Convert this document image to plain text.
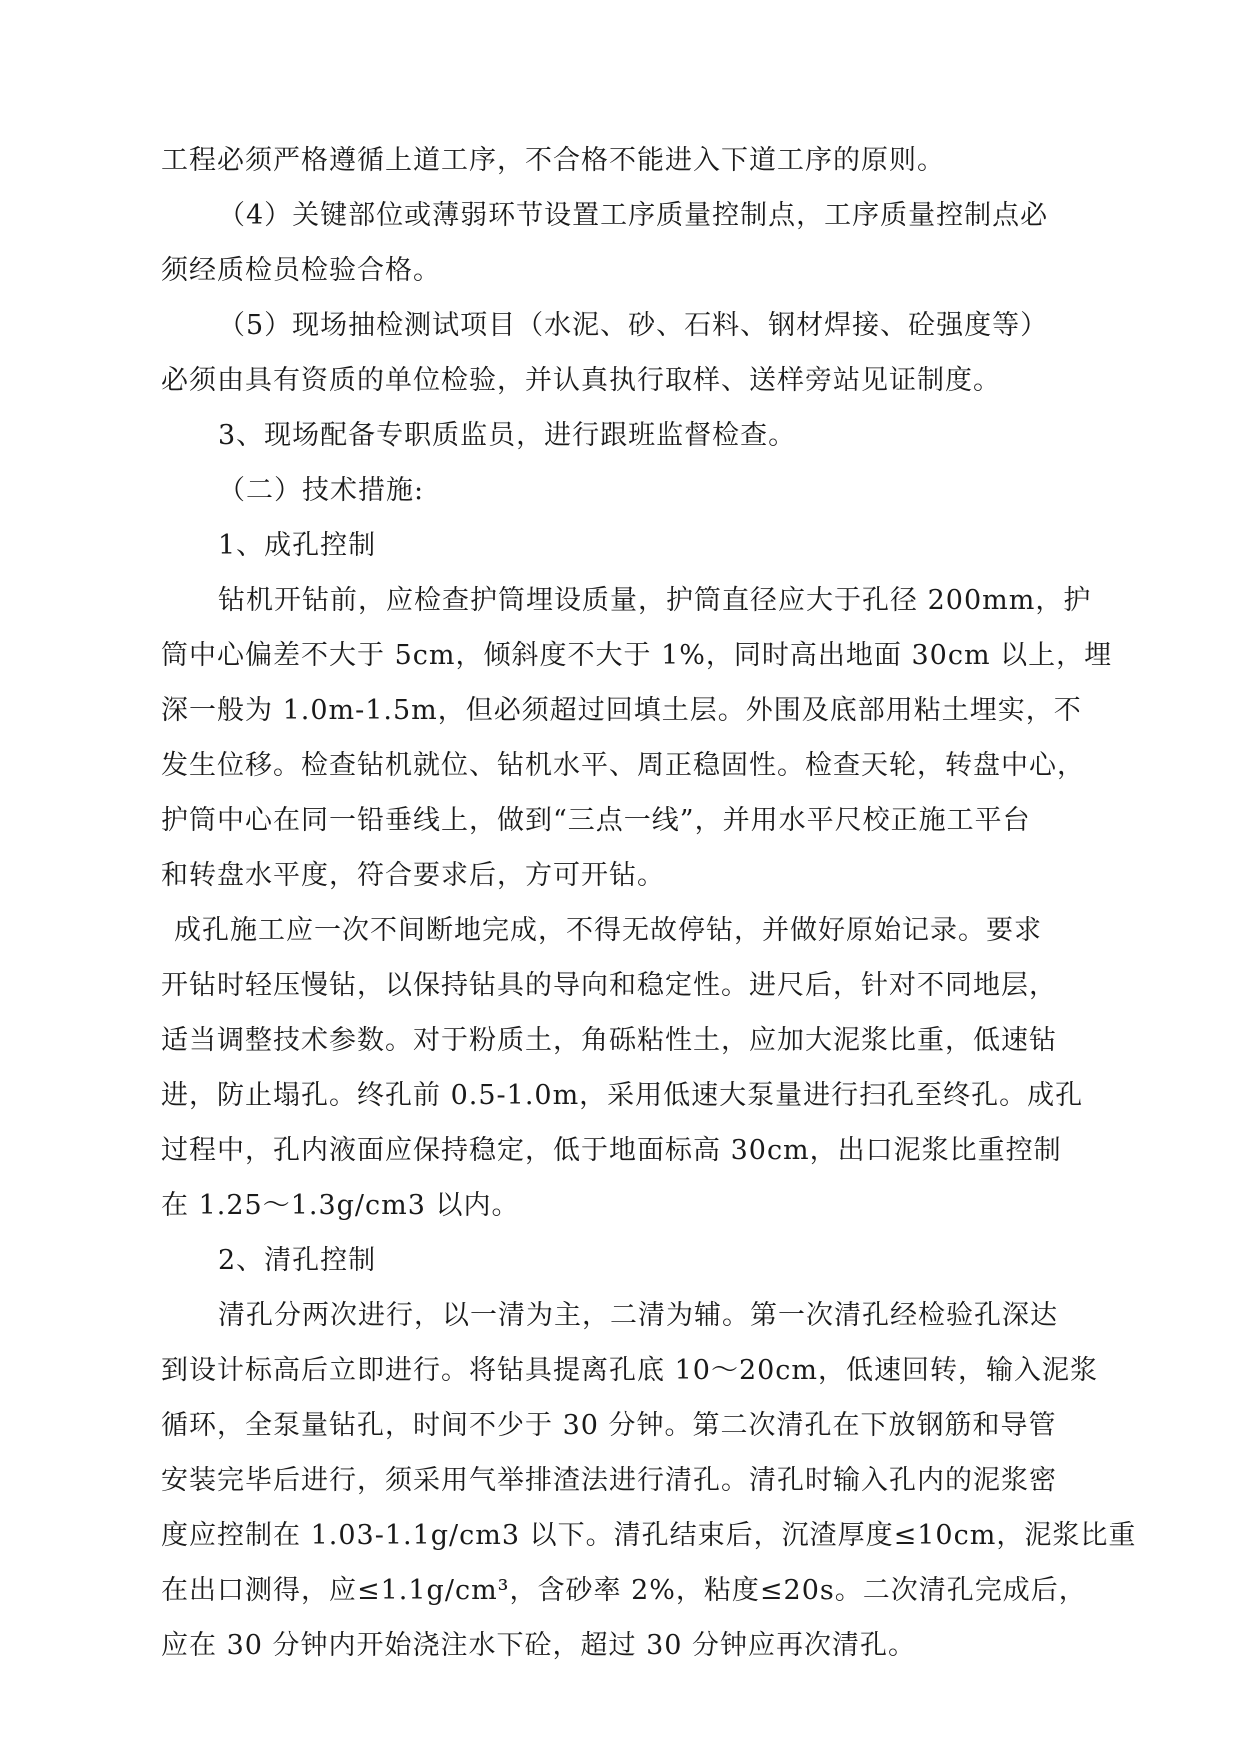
工程必须严格遵循上道工序，不合格不能进入下道工序的原则。
（4）关键部位或薄弱环节设置工序质量控制点，工序质量控制点必
须经质检员检验合格。
（5）现场抽检测试项目（水泥、砂、石料、钢材焊接、砼强度等）
必须由具有资质的单位检验，并认真执行取样、送样旁站见证制度。
3、现场配备专职质监员，进行跟班监督检查。
（二）技术措施:
1、成孔控制
钻机开钻前，应检查护筒埋设质量，护筒直径应大于孔径 200mm，护
筒中心偏差不大于 5cm，倾斜度不大于 1%，同时高出地面 30cm 以上，埋
深一般为 1.0m-1.5m，但必须超过回填土层。外围及底部用粘土埋实，不
发生位移。检查钻机就位、钻机水平、周正稳固性。检查天轮，转盘中心，
护筒中心在同一铅垂线上，做到“三点一线”，并用水平尺校正施工平台
和转盘水平度，符合要求后，方可开钻。
成孔施工应一次不间断地完成，不得无故停钻，并做好原始记录。要求
开钻时轻压慢钻，以保持钻具的导向和稳定性。进尺后，针对不同地层，
适当调整技术参数。对于粉质土，角砾粘性土，应加大泥浆比重，低速钻
进，防止塌孔。终孔前 0.5-1.0m，采用低速大泵量进行扫孔至终孔。成孔
过程中，孔内液面应保持稳定，低于地面标高 30cm，出口泥浆比重控制
在 1.25～1.3g/cm3 以内。
2、清孔控制
清孔分两次进行，以一清为主，二清为辅。第一次清孔经检验孔深达
到设计标高后立即进行。将钻具提离孔底 10～20cm，低速回转，输入泥浆
循环，全泵量钻孔，时间不少于 30 分钟。第二次清孔在下放钢筋和导管
安装完毕后进行，须采用气举排渣法进行清孔。清孔时输入孔内的泥浆密
度应控制在 1.03-1.1g/cm3 以下。清孔结束后，沉渣厚度≤10cm，泥浆比重
在出口测得，应≤1.1g/cm³，含砂率 2%，粘度≤20s。二次清孔完成后，
应在 30 分钟内开始浇注水下砼，超过 30 分钟应再次清孔。
